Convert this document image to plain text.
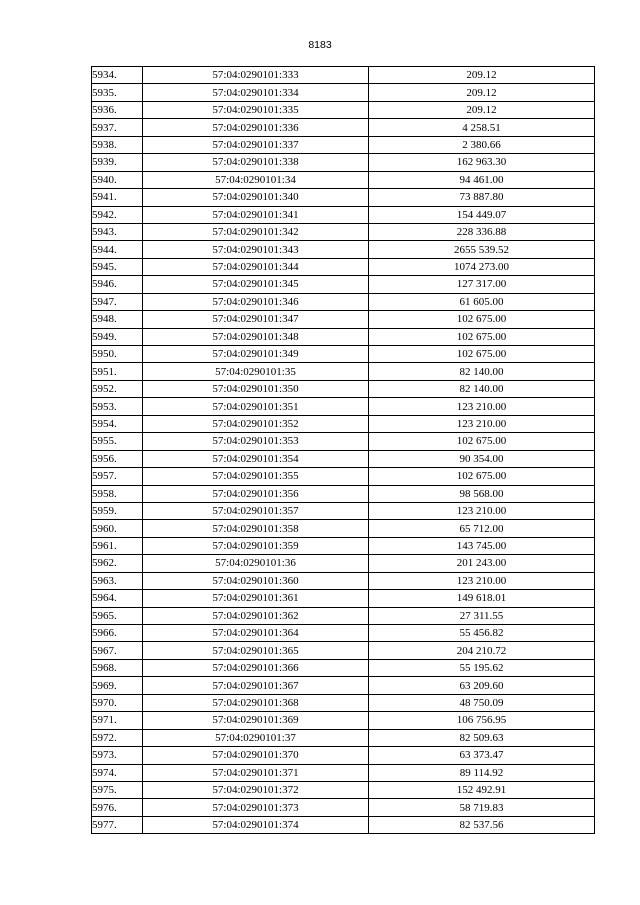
8183
5934.	57:04:0290101:333	209.12
5935.	57:04:0290101:334	209.12
5936.	57:04:0290101:335	209.12
5937.	57:04:0290101:336	4 258.51
5938.	57:04:0290101:337	2 380.66
5939.	57:04:0290101:338	162 963.30
5940.	57:04:0290101:34	94 461.00
5941.	57:04:0290101:340	73 887.80
5942.	57:04:0290101:341	154 449.07
5943.	57:04:0290101:342	228 336.88
5944.	57:04:0290101:343	2655 539.52
5945.	57:04:0290101:344	1074 273.00
5946.	57:04:0290101:345	127 317.00
5947.	57:04:0290101:346	61 605.00
5948.	57:04:0290101:347	102 675.00
5949.	57:04:0290101:348	102 675.00
5950.	57:04:0290101:349	102 675.00
5951.	57:04:0290101:35	82 140.00
5952.	57:04:0290101:350	82 140.00
5953.	57:04:0290101:351	123 210.00
5954.	57:04:0290101:352	123 210.00
5955.	57:04:0290101:353	102 675.00
5956.	57:04:0290101:354	90 354.00
5957.	57:04:0290101:355	102 675.00
5958.	57:04:0290101:356	98 568.00
5959.	57:04:0290101:357	123 210.00
5960.	57:04:0290101:358	65 712.00
5961.	57:04:0290101:359	143 745.00
5962.	57:04:0290101:36	201 243.00
5963.	57:04:0290101:360	123 210.00
5964.	57:04:0290101:361	149 618.01
5965.	57:04:0290101:362	27 311.55
5966.	57:04:0290101:364	55 456.82
5967.	57:04:0290101:365	204 210.72
5968.	57:04:0290101:366	55 195.62
5969.	57:04:0290101:367	63 209.60
5970.	57:04:0290101:368	48 750.09
5971.	57:04:0290101:369	106 756.95
5972.	57:04:0290101:37	82 509.63
5973.	57:04:0290101:370	63 373.47
5974.	57:04:0290101:371	89 114.92
5975.	57:04:0290101:372	152 492.91
5976.	57:04:0290101:373	58 719.83
5977.	57:04:0290101:374	82 537.56
